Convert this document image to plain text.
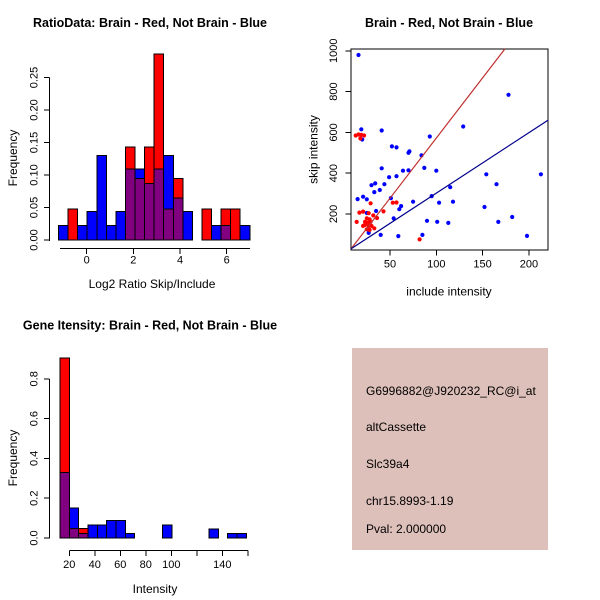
RatioData: Brain - Red, Not Brain - Blue
Frequency
Log2 Ratio Skip/Include
0.00
0.05
0.10
0.15
0.20
0.25
0	2	4	6
Brain - Red, Not Brain - Blue
skip intensity
include intensity
200
400
600
800
1000
50	100	150	200
Gene Itensity: Brain - Red, Not Brain - Blue
Frequency
Intensity
0.0
0.2
0.4
0.6
0.8
20 40 60 80 100	140
G6996882@J920232_RC@i_at
altCassette
Slc39a4
chr15.8993-1.19
Pval: 2.000000
